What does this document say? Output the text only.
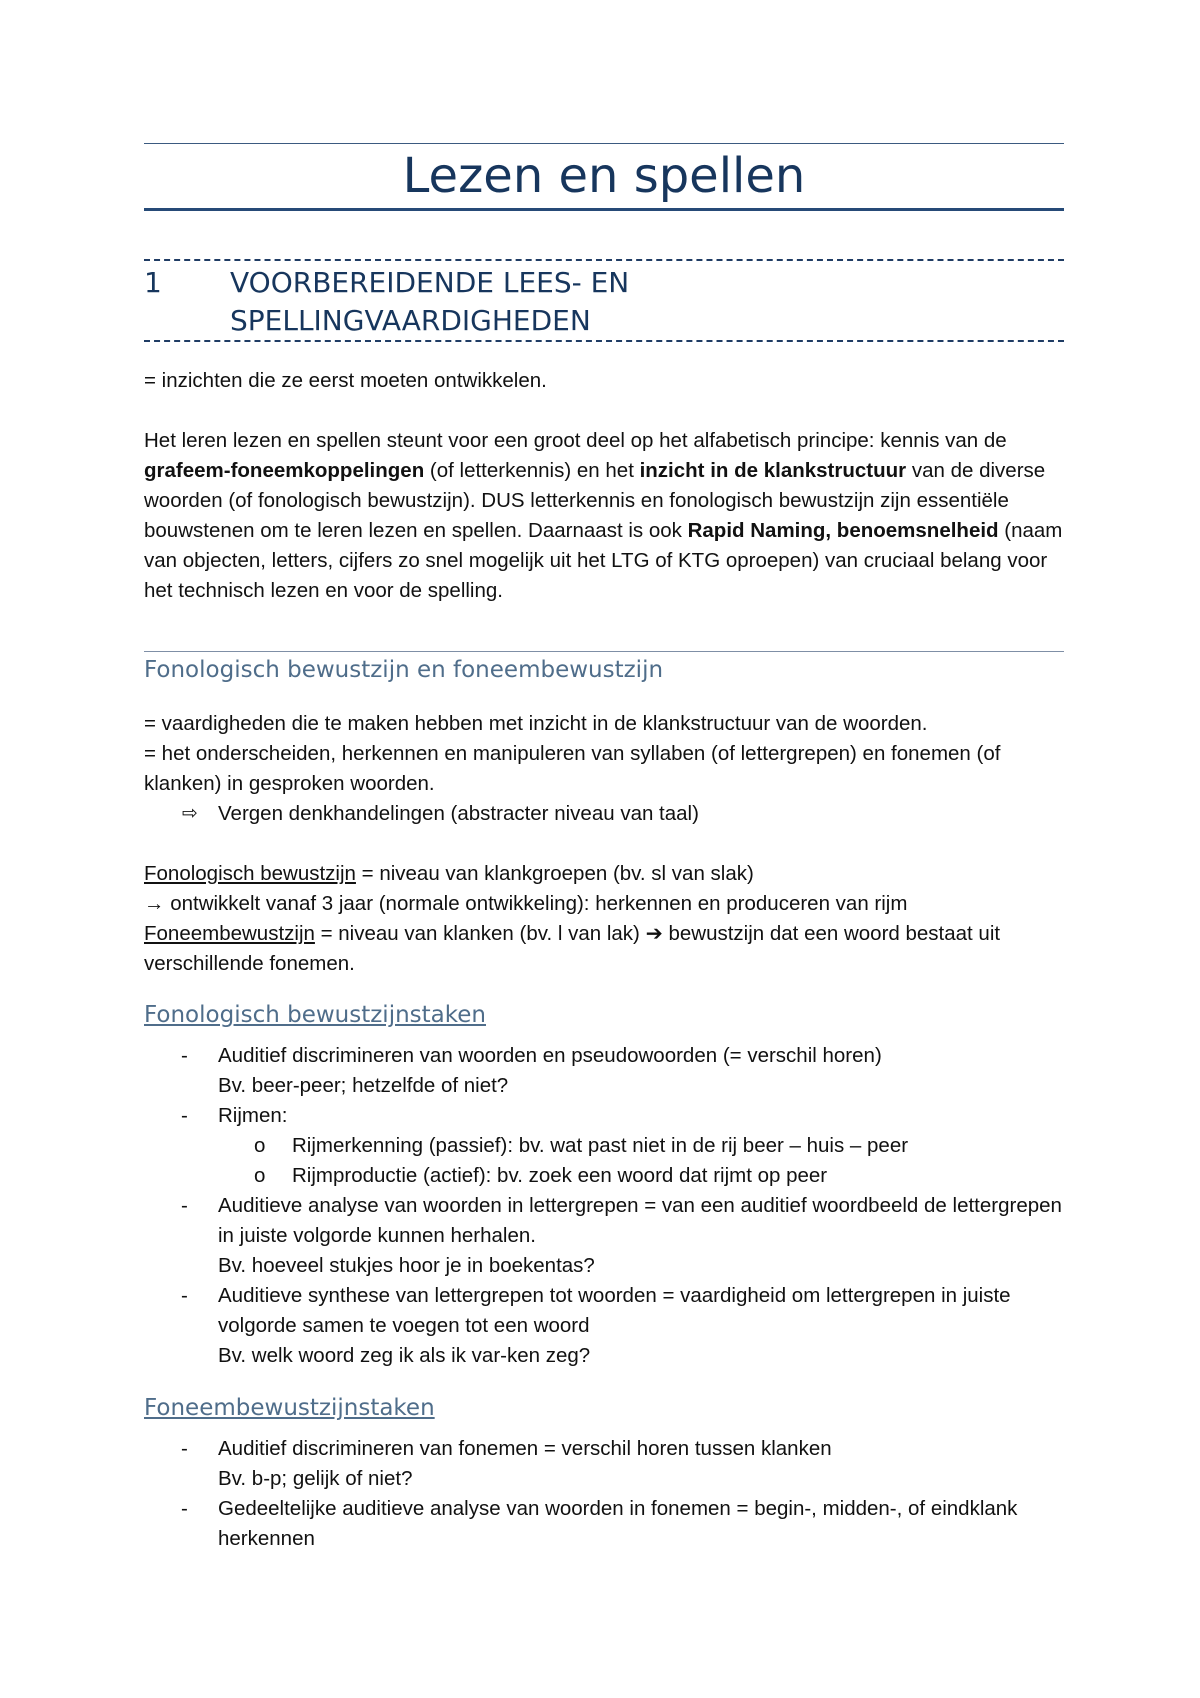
Lezen en spellen
1 VOORBEREIDENDE LEES- EN
SPELLINGVAARDIGHEDEN

= inzichten die ze eerst moeten ontwikkelen.

Het leren lezen en spellen steunt voor een groot deel op het alfabetisch principe: kennis van de grafeem-foneemkoppelingen (of letterkennis) en het inzicht in de klankstructuur van de diverse woorden (of fonologisch bewustzijn). DUS letterkennis en fonologisch bewustzijn zijn essentiële bouwstenen om te leren lezen en spellen. Daarnaast is ook Rapid Naming, benoemsnelheid (naam van objecten, letters, cijfers zo snel mogelijk uit het LTG of KTG oproepen) van cruciaal belang voor het technisch lezen en voor de spelling.

Fonologisch bewustzijn en foneembewustzijn

= vaardigheden die te maken hebben met inzicht in de klankstructuur van de woorden.

= het onderscheiden, herkennen en manipuleren van syllaben (of lettergrepen) en fonemen (of klanken) in gesproken woorden.

⇨ Vergen denkhandelingen (abstracter niveau van taal)

Fonologisch bewustzijn = niveau van klankgroepen (bv. sl van slak)

→ ontwikkelt vanaf 3 jaar (normale ontwikkeling): herkennen en produceren van rijm

Foneembewustzijn = niveau van klanken (bv. l van lak) ➔ bewustzijn dat een woord bestaat uit verschillende fonemen.

Fonologisch bewustzijnstaken
- Auditief discrimineren van woorden en pseudowoorden (= verschil horen)

Bv. beer-peer; hetzelfde of niet?

- Rijmen:

o Rijmerkenning (passief): bv. wat past niet in de rij beer – huis – peer

o Rijmproductie (actief): bv. zoek een woord dat rijmt op peer

- Auditieve analyse van woorden in lettergrepen = van een auditief woordbeeld de lettergrepen in juiste volgorde kunnen herhalen.

Bv. hoeveel stukjes hoor je in boekentas?

- Auditieve synthese van lettergrepen tot woorden = vaardigheid om lettergrepen in juiste volgorde samen te voegen tot een woord

Bv. welk woord zeg ik als ik var-ken zeg?

Foneembewustzijnstaken
- Auditief discrimineren van fonemen = verschil horen tussen klanken

Bv. b-p; gelijk of niet?

- Gedeeltelijke auditieve analyse van woorden in fonemen = begin-, midden-, of eindklank herkennen
